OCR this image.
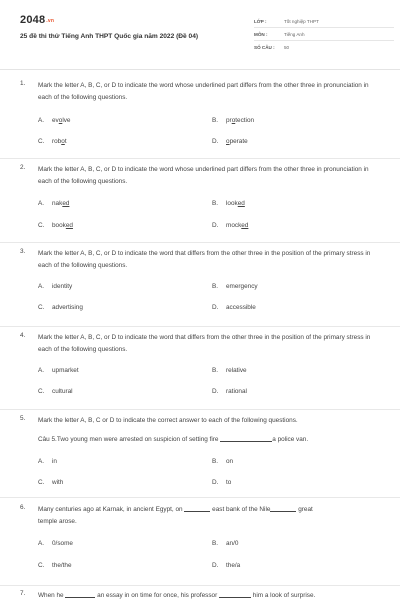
2048.vn
25 đề thi thử Tiếng Anh THPT Quốc gia năm 2022 (Đề 04)
LỚP :	Tốt nghiệp THPT
MÔN :	Tiếng Anh
SỐ CÂU :	50
1. Mark the letter A, B, C, or D to indicate the word whose underlined part differs from the other three in pronunciation in each of the following questions.
A. evolve	B. protection
C. robot	D. operate
2. Mark the letter A, B, C, or D to indicate the word whose underlined part differs from the other three in pronunciation in each of the following questions.
A. naked	B. looked
C. booked	D. mocked
3. Mark the letter A, B, C, or D to indicate the word that differs from the other three in the position of the primary stress in each of the following questions.
A. identity	B. emergency
C. advertising	D. accessible
4. Mark the letter A, B, C, or D to indicate the word that differs from the other three in the position of the primary stress in each of the following questions.
A. upmarket	B. relative
C. cultural	D. rational
5. Mark the letter A, B, C or D to indicate the correct answer to each of the following questions.
Câu 5.Two young men were arrested on suspicion of setting fire	a police van.
A. in	B. on
C. with	D. to
6. Many centuries ago at Karnak, in ancient Egypt, on	east bank of the Nile	great
temple arose.
A. 0/some	B. an/0
C. the/the	D. the/a
7. When he	an essay in on time for once, his professor	him a look of surprise.
